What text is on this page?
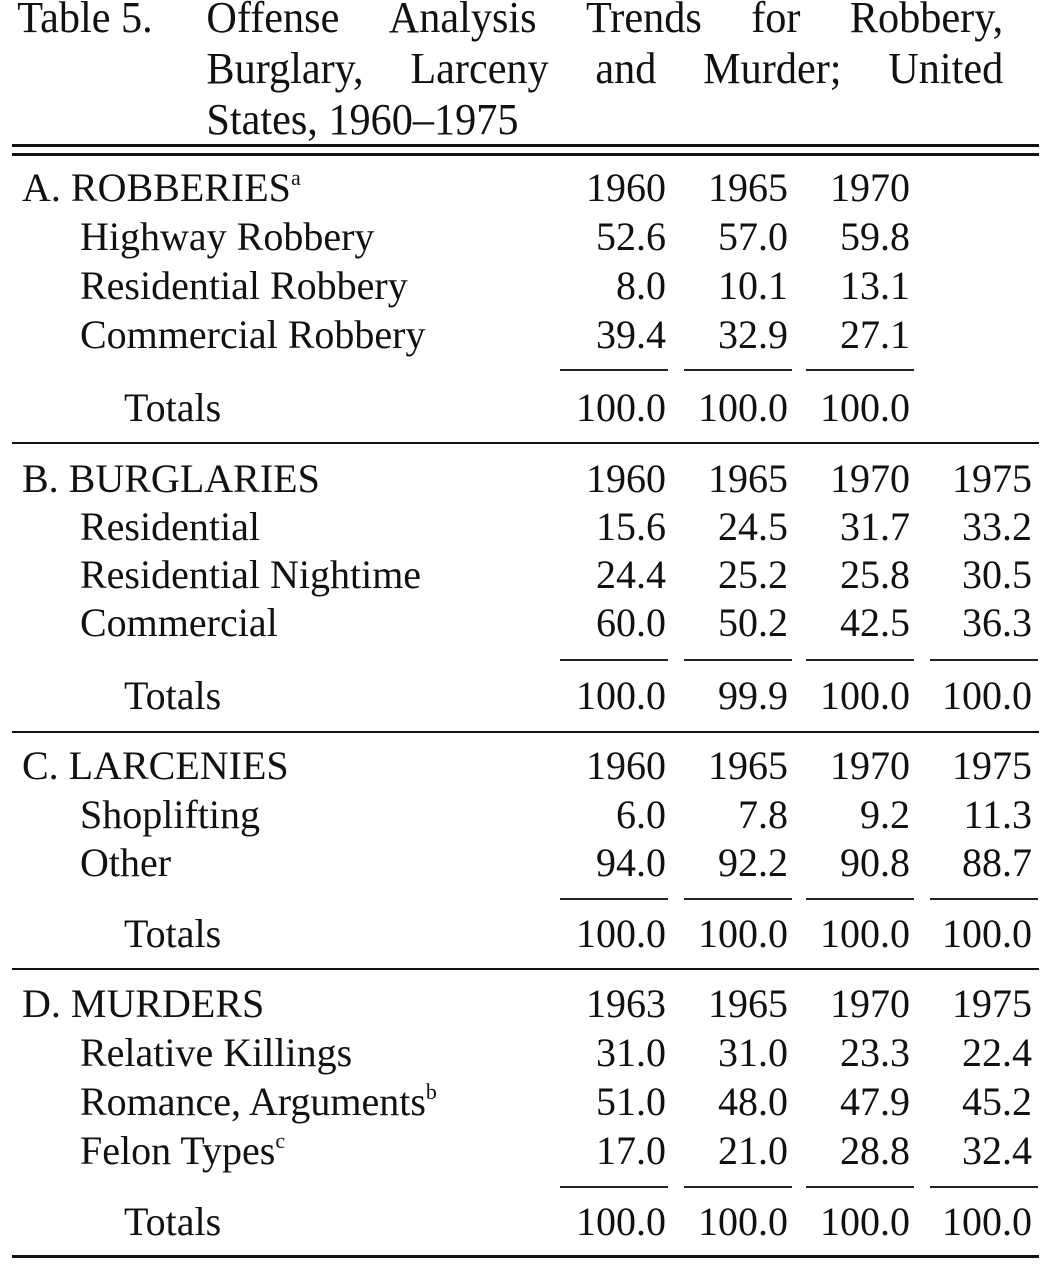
Table 5. Offense Analysis Trends for Robbery,
Burglary, Larceny and Murder; United
States, 1960–1975
A. ROBBERIES$^a$	1960	1965	1970
Highway Robbery	52.6	57.0	59.8
Residential Robbery	8.0	10.1	13.1
Commercial Robbery	39.4	32.9	27.1
Totals	100.0 100.0 100.0
B. BURGLARIES	1960	1965	1970	1975
Residential	15.6	24.5	31.7	33.2
Residential Nightime	24.4	25.2	25.8	30.5
Commercial	60.0	50.2	42.5	36.3
Totals	100.0	99.9 100.0 100.0
C. LARCENIES	1960	1965	1970	1975
Shoplifting	6.0	7.8	9.2	11.3
Other	94.0	92.2	90.8	88.7
Totals	100.0 100.0 100.0 100.0
D. MURDERS	1963	1965	1970	1975
Relative Killings	31.0	31.0	23.3	22.4
Romance, Arguments$^b$	51.0	48.0	47.9	45.2
Felon Types$^c$	17.0	21.0	28.8	32.4
Totals	100.0 100.0 100.0 100.0
